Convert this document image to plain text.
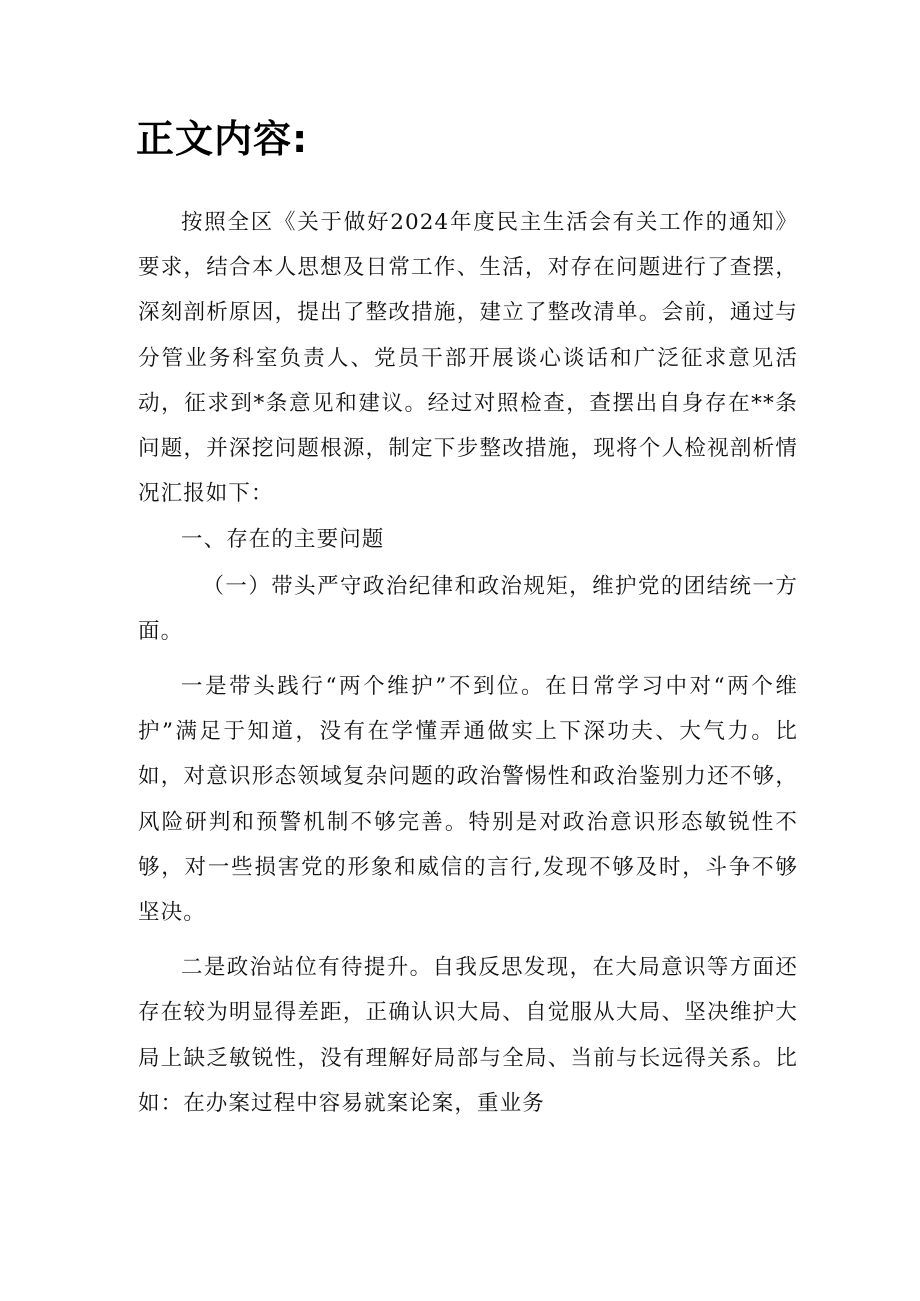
正文内容:

按照全区《关于做好2024年度民主生活会有关工作的通知》要求，结合本人思想及日常工作、生活，对存在问题进行了查摆，深刻剖析原因，提出了整改措施，建立了整改清单。会前，通过与分管业务科室负责人、党员干部开展谈心谈话和广泛征求意见活动，征求到*条意见和建议。经过对照检查，查摆出自身存在**条问题，并深挖问题根源，制定下步整改措施，现将个人检视剖析情况汇报如下：

一、存在的主要问题

（一）带头严守政治纪律和政治规矩，维护党的团结统一方面。

一是带头践行“两个维护”不到位。在日常学习中对“两个维护”满足于知道，没有在学懂弄通做实上下深功夫、大气力。比如，对意识形态领域复杂问题的政治警惕性和政治鉴别力还不够，风险研判和预警机制不够完善。特别是对政治意识形态敏锐性不够，对一些损害党的形象和威信的言行,发现不够及时，斗争不够坚决。

二是政治站位有待提升。自我反思发现，在大局意识等方面还存在较为明显得差距，正确认识大局、自觉服从大局、坚决维护大局上缺乏敏锐性，没有理解好局部与全局、当前与长远得关系。比如：在办案过程中容易就案论案，重业务
